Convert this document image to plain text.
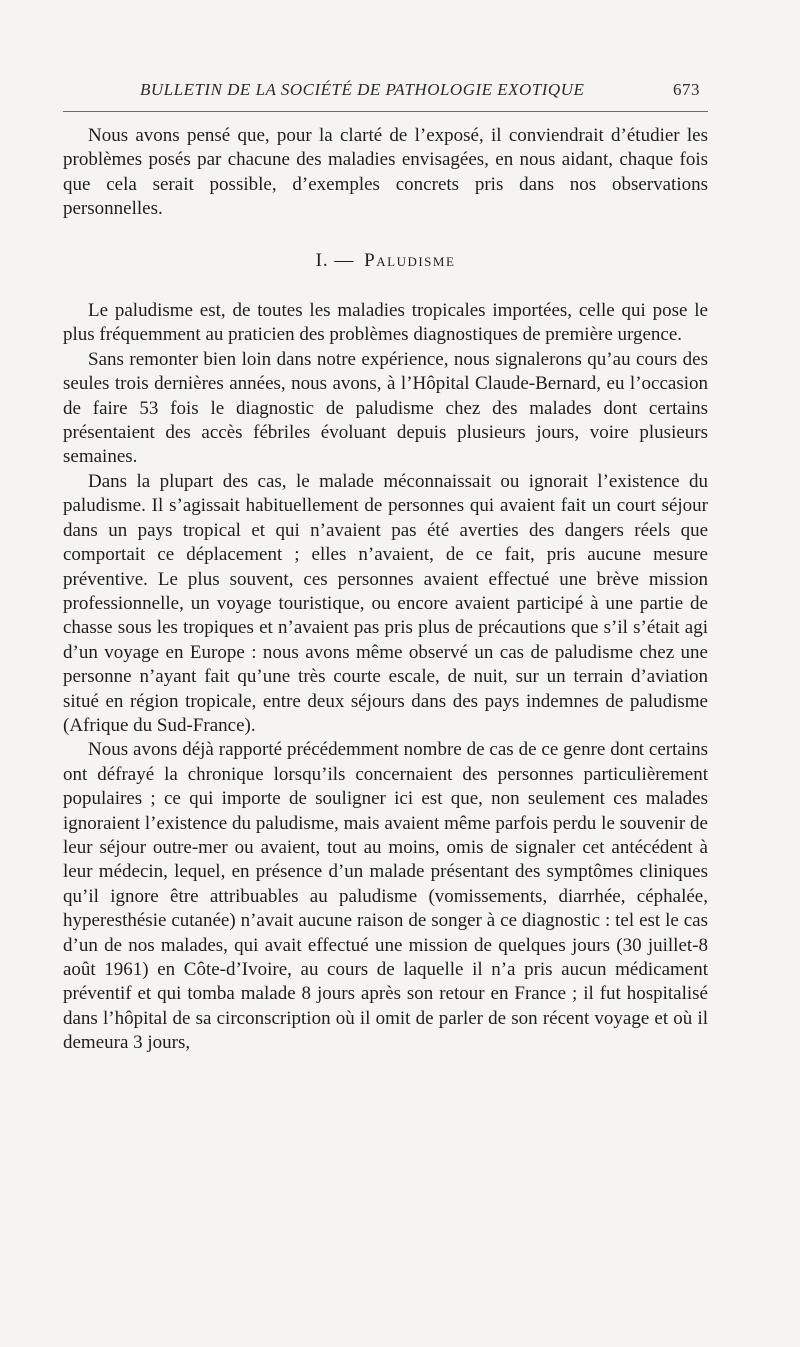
BULLETIN DE LA SOCIÉTÉ DE PATHOLOGIE EXOTIQUE	673

Nous avons pensé que, pour la clarté de l’exposé, il conviendrait d’étudier les problèmes posés par chacune des maladies envisagées, en nous aidant, chaque fois que cela serait possible, d’exemples concrets pris dans nos observations personnelles.

I. — Paludisme

Le paludisme est, de toutes les maladies tropicales importées, celle qui pose le plus fréquemment au praticien des problèmes diagnostiques de première urgence.

Sans remonter bien loin dans notre expérience, nous signalerons qu’au cours des seules trois dernières années, nous avons, à l’Hôpital Claude-Bernard, eu l’occasion de faire 53 fois le diagnostic de paludisme chez des malades dont certains présentaient des accès fébriles évoluant depuis plusieurs jours, voire plusieurs semaines.

Dans la plupart des cas, le malade méconnaissait ou ignorait l’existence du paludisme. Il s’agissait habituellement de personnes qui avaient fait un court séjour dans un pays tropical et qui n’avaient pas été averties des dangers réels que comportait ce déplacement ; elles n’avaient, de ce fait, pris aucune mesure préventive. Le plus souvent, ces personnes avaient effectué une brève mission professionnelle, un voyage touristique, ou encore avaient participé à une partie de chasse sous les tropiques et n’avaient pas pris plus de précautions que s’il s’était agi d’un voyage en Europe : nous avons même observé un cas de paludisme chez une personne n’ayant fait qu’une très courte escale, de nuit, sur un terrain d’aviation situé en région tropicale, entre deux séjours dans des pays indemnes de paludisme (Afrique du Sud-France).

Nous avons déjà rapporté précédemment nombre de cas de ce genre dont certains ont défrayé la chronique lorsqu’ils concernaient des personnes particulièrement populaires ; ce qui importe de souligner ici est que, non seulement ces malades ignoraient l’existence du paludisme, mais avaient même parfois perdu le souvenir de leur séjour outre-mer ou avaient, tout au moins, omis de signaler cet antécédent à leur médecin, lequel, en présence d’un malade présentant des symptômes cliniques qu’il ignore être attribuables au paludisme (vomissements, diarrhée, céphalée, hyperesthésie cutanée) n’avait aucune raison de songer à ce diagnostic : tel est le cas d’un de nos malades, qui avait effectué une mission de quelques jours (30 juillet-8 août 1961) en Côte-d’Ivoire, au cours de laquelle il n’a pris aucun médicament préventif et qui tomba malade 8 jours après son retour en France ; il fut hospitalisé dans l’hôpital de sa circonscription où il omit de parler de son récent voyage et où il demeura 3 jours,
